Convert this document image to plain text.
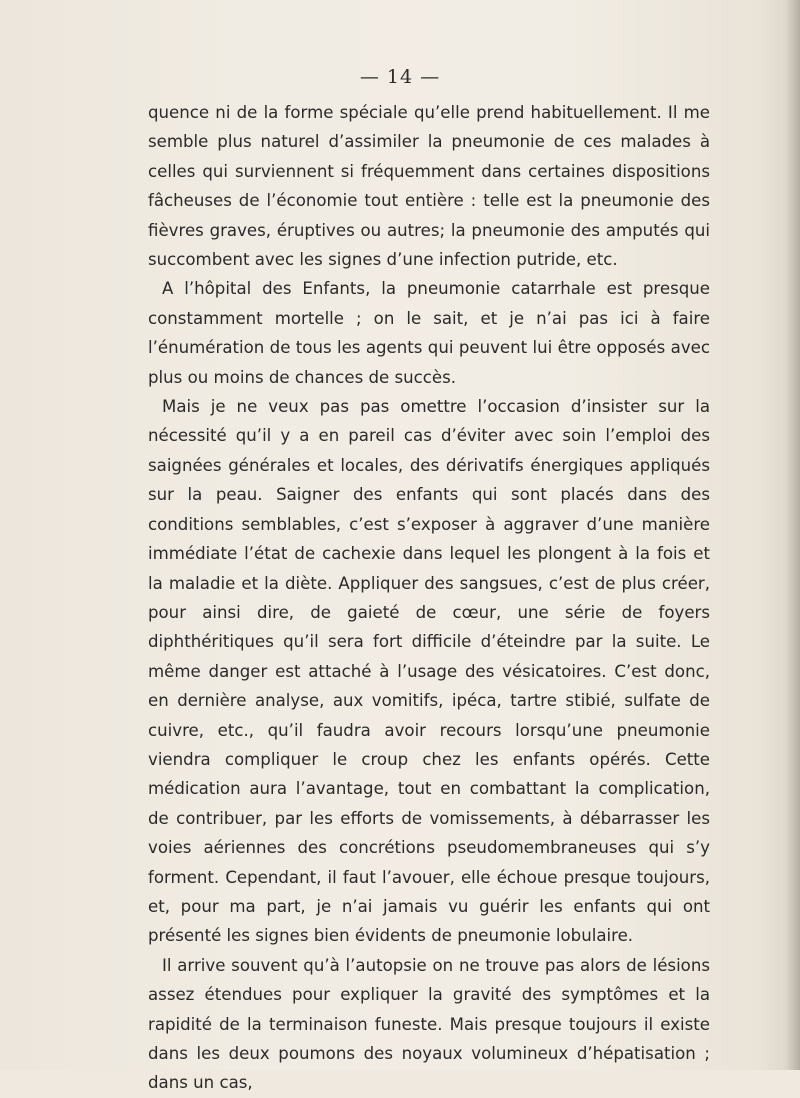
— 14 —

quence ni de la forme spéciale qu’elle prend habituellement. Il me semble plus naturel d’assimiler la pneumonie de ces malades à celles qui surviennent si fréquemment dans certaines dispositions fâcheuses de l’économie tout entière : telle est la pneumonie des fièvres graves, éruptives ou autres; la pneumonie des amputés qui succombent avec les signes d’une infection putride, etc.

A l’hôpital des Enfants, la pneumonie catarrhale est presque constamment mortelle ; on le sait, et je n’ai pas ici à faire l’énumération de tous les agents qui peuvent lui être opposés avec plus ou moins de chances de succès.

Mais je ne veux pas pas omettre l’occasion d’insister sur la nécessité qu’il y a en pareil cas d’éviter avec soin l’emploi des saignées générales et locales, des dérivatifs énergiques appliqués sur la peau. Saigner des enfants qui sont placés dans des conditions semblables, c’est s’exposer à aggraver d’une manière immédiate l’état de cachexie dans lequel les plongent à la fois et la maladie et la diète. Appliquer des sangsues, c’est de plus créer, pour ainsi dire, de gaieté de cœur, une série de foyers diphthéritiques qu’il sera fort difficile d’éteindre par la suite. Le même danger est attaché à l’usage des vésicatoires. C’est donc, en dernière analyse, aux vomitifs, ipéca, tartre stibié, sulfate de cuivre, etc., qu’il faudra avoir recours lorsqu’une pneumonie viendra compliquer le croup chez les enfants opérés. Cette médication aura l’avantage, tout en combattant la complication, de contribuer, par les efforts de vomissements, à débarrasser les voies aériennes des concrétions pseudomembraneuses qui s’y forment. Cependant, il faut l’avouer, elle échoue presque toujours, et, pour ma part, je n’ai jamais vu guérir les enfants qui ont présenté les signes bien évidents de pneumonie lobulaire.

Il arrive souvent qu’à l’autopsie on ne trouve pas alors de lésions assez étendues pour expliquer la gravité des symptômes et la rapidité de la terminaison funeste. Mais presque toujours il existe dans les deux poumons des noyaux volumineux d’hépatisation ; dans un cas,
